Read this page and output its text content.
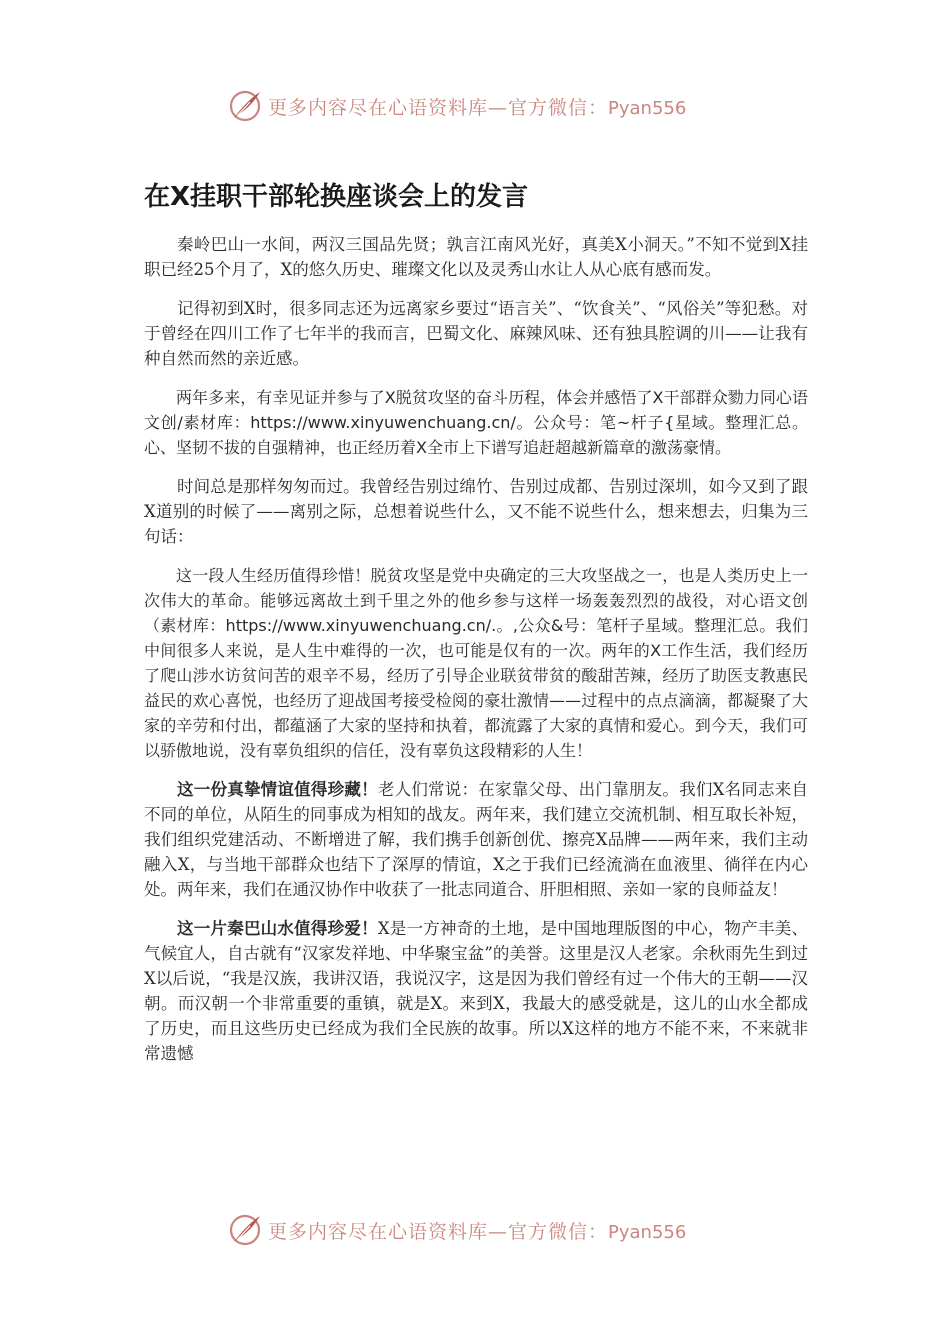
更多内容尽在心语资料库—官方微信：Pyan556
在X挂职干部轮换座谈会上的发言

秦岭巴山一水间，两汉三国品先贤；孰言江南风光好，真美X小洞天。”不知不觉到X挂职已经25个月了，X的悠久历史、璀璨文化以及灵秀山水让人从心底有感而发。

记得初到X时，很多同志还为远离家乡要过“语言关”、“饮食关”、“风俗关”等犯愁。对于曾经在四川工作了七年半的我而言，巴蜀文化、麻辣风味、还有独具腔调的川——让我有种自然而然的亲近感。

两年多来，有幸见证并参与了X脱贫攻坚的奋斗历程，体会并感悟了X干部群众勠力同心语文创/素材库：https://www.xinyuwenchuang.cn/。公众号：笔~杆子{星域。整理汇总。心、坚韧不拔的自强精神，也正经历着X全市上下谱写追赶超越新篇章的激荡豪情。

时间总是那样匆匆而过。我曾经告别过绵竹、告别过成都、告别过深圳，如今又到了跟X道别的时候了——离别之际，总想着说些什么，又不能不说些什么，想来想去，归集为三句话：

这一段人生经历值得珍惜！脱贫攻坚是党中央确定的三大攻坚战之一，也是人类历史上一次伟大的革命。能够远离故土到千里之外的他乡参与这样一场轰轰烈烈的战役，对心语文创（素材库：https://www.xinyuwenchuang.cn/.。,公众&号：笔杆子星域。整理汇总。我们中间很多人来说，是人生中难得的一次，也可能是仅有的一次。两年的X工作生活，我们经历了爬山涉水访贫问苦的艰辛不易，经历了引导企业联贫带贫的酸甜苦辣，经历了助医支教惠民益民的欢心喜悦，也经历了迎战国考接受检阅的豪壮激情——过程中的点点滴滴，都凝聚了大家的辛劳和付出，都蕴涵了大家的坚持和执着，都流露了大家的真情和爱心。到今天，我们可以骄傲地说，没有辜负组织的信任，没有辜负这段精彩的人生！

这一份真挚情谊值得珍藏！老人们常说：在家靠父母、出门靠朋友。我们X名同志来自不同的单位，从陌生的同事成为相知的战友。两年来，我们建立交流机制、相互取长补短，我们组织党建活动、不断增进了解，我们携手创新创优、擦亮X品牌——两年来，我们主动融入X，与当地干部群众也结下了深厚的情谊，X之于我们已经流淌在血液里、徜徉在内心处。两年来，我们在通汉协作中收获了一批志同道合、肝胆相照、亲如一家的良师益友！

这一片秦巴山水值得珍爱！X是一方神奇的土地，是中国地理版图的中心，物产丰美、气候宜人，自古就有“汉家发祥地、中华聚宝盆”的美誉。这里是汉人老家。余秋雨先生到过X以后说，“我是汉族，我讲汉语，我说汉字，这是因为我们曾经有过一个伟大的王朝——汉朝。而汉朝一个非常重要的重镇，就是X。来到X，我最大的感受就是，这儿的山水全都成了历史，而且这些历史已经成为我们全民族的故事。所以X这样的地方不能不来，不来就非常遗憾

更多内容尽在心语资料库—官方微信：Pyan556
